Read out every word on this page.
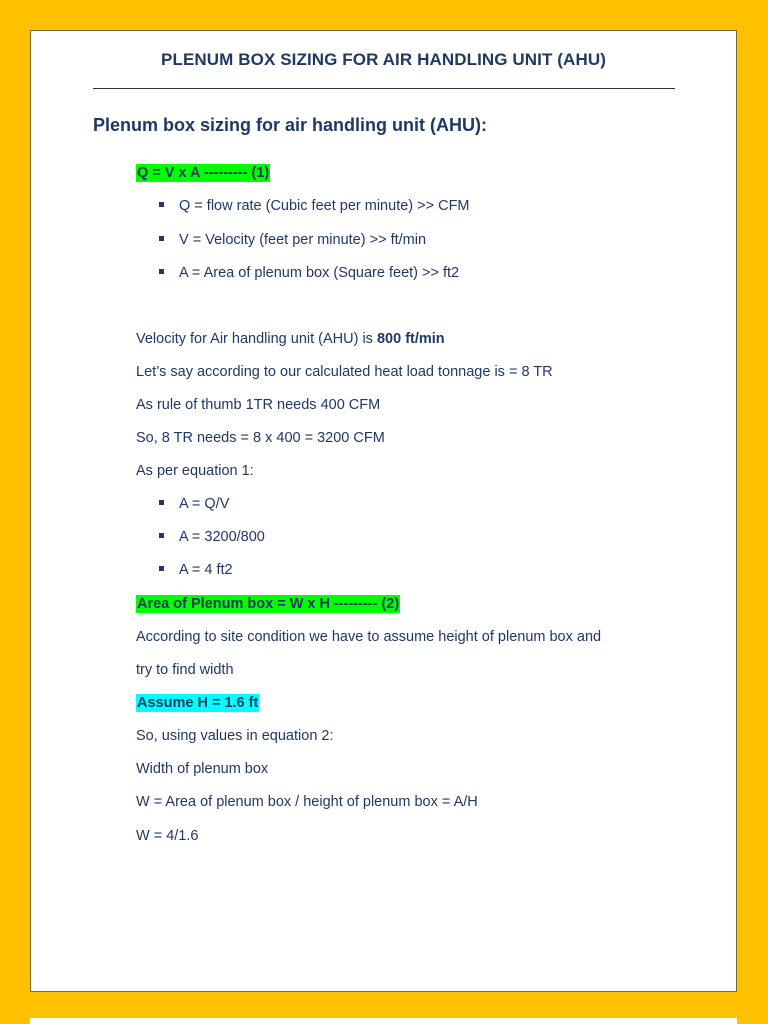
PLENUM BOX SIZING FOR AIR HANDLING UNIT (AHU)
Plenum box sizing for air handling unit (AHU):
Q = V x A --------- (1)
Q = flow rate (Cubic feet per minute) >> CFM
V = Velocity (feet per minute) >> ft/min
A = Area of plenum box (Square feet) >> ft2
Velocity for Air handling unit (AHU) is 800 ft/min
Let’s say according to our calculated heat load tonnage is = 8 TR
As rule of thumb 1TR needs 400 CFM
So, 8 TR needs = 8 x 400 = 3200 CFM
As per equation 1:
A = Q/V
A = 3200/800
A = 4 ft2
Area of Plenum box = W x H --------- (2)
According to site condition we have to assume height of plenum box and
try to find width
Assume H = 1.6 ft
So, using values in equation 2:
Width of plenum box
W = Area of plenum box / height of plenum box = A/H
W = 4/1.6
